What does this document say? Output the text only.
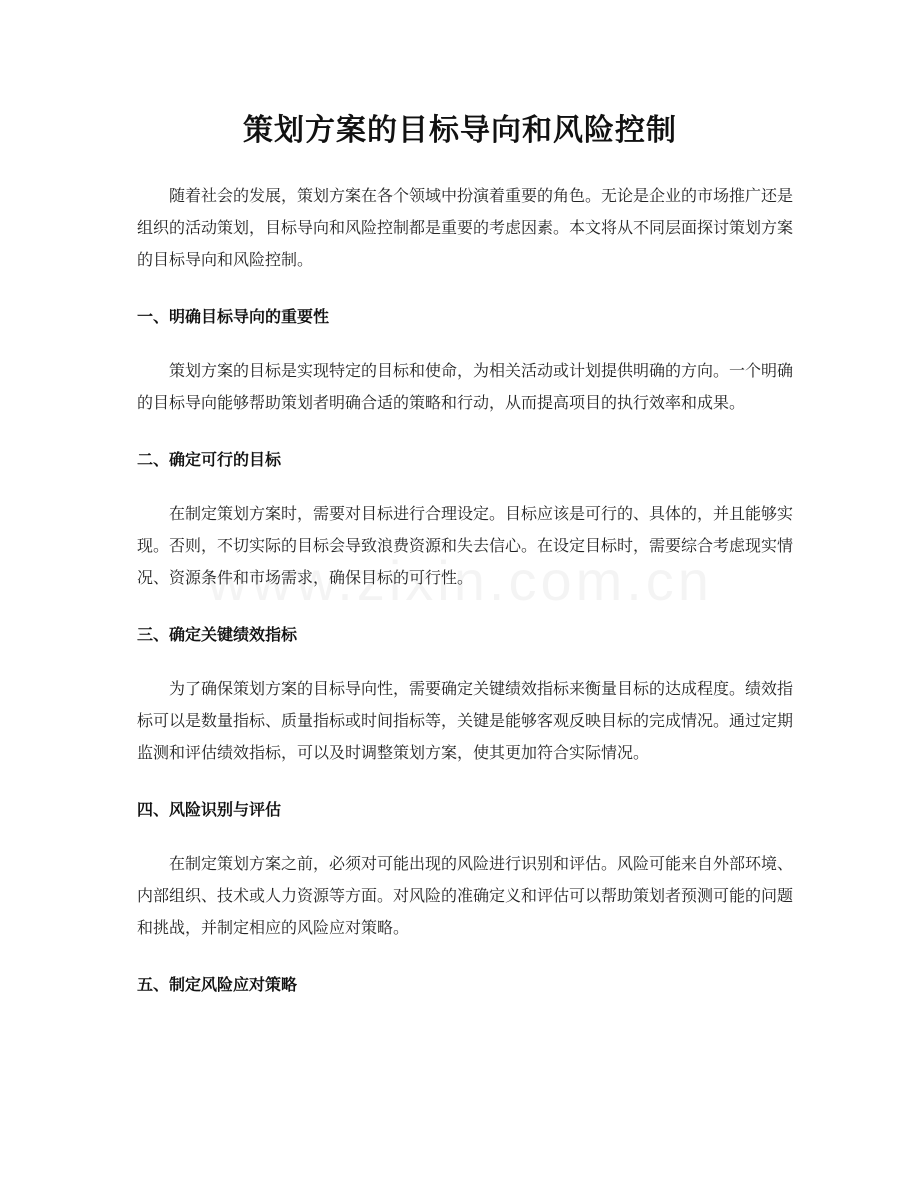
策划方案的目标导向和风险控制

随着社会的发展，策划方案在各个领域中扮演着重要的角色。无论是企业的市场推广还是组织的活动策划，目标导向和风险控制都是重要的考虑因素。本文将从不同层面探讨策划方案的目标导向和风险控制。

一、明确目标导向的重要性

策划方案的目标是实现特定的目标和使命，为相关活动或计划提供明确的方向。一个明确的目标导向能够帮助策划者明确合适的策略和行动，从而提高项目的执行效率和成果。

二、确定可行的目标

在制定策划方案时，需要对目标进行合理设定。目标应该是可行的、具体的，并且能够实现。否则，不切实际的目标会导致浪费资源和失去信心。在设定目标时，需要综合考虑现实情况、资源条件和市场需求，确保目标的可行性。

三、确定关键绩效指标

为了确保策划方案的目标导向性，需要确定关键绩效指标来衡量目标的达成程度。绩效指标可以是数量指标、质量指标或时间指标等，关键是能够客观反映目标的完成情况。通过定期监测和评估绩效指标，可以及时调整策划方案，使其更加符合实际情况。

四、风险识别与评估

在制定策划方案之前，必须对可能出现的风险进行识别和评估。风险可能来自外部环境、内部组织、技术或人力资源等方面。对风险的准确定义和评估可以帮助策划者预测可能的问题和挑战，并制定相应的风险应对策略。

五、制定风险应对策略
